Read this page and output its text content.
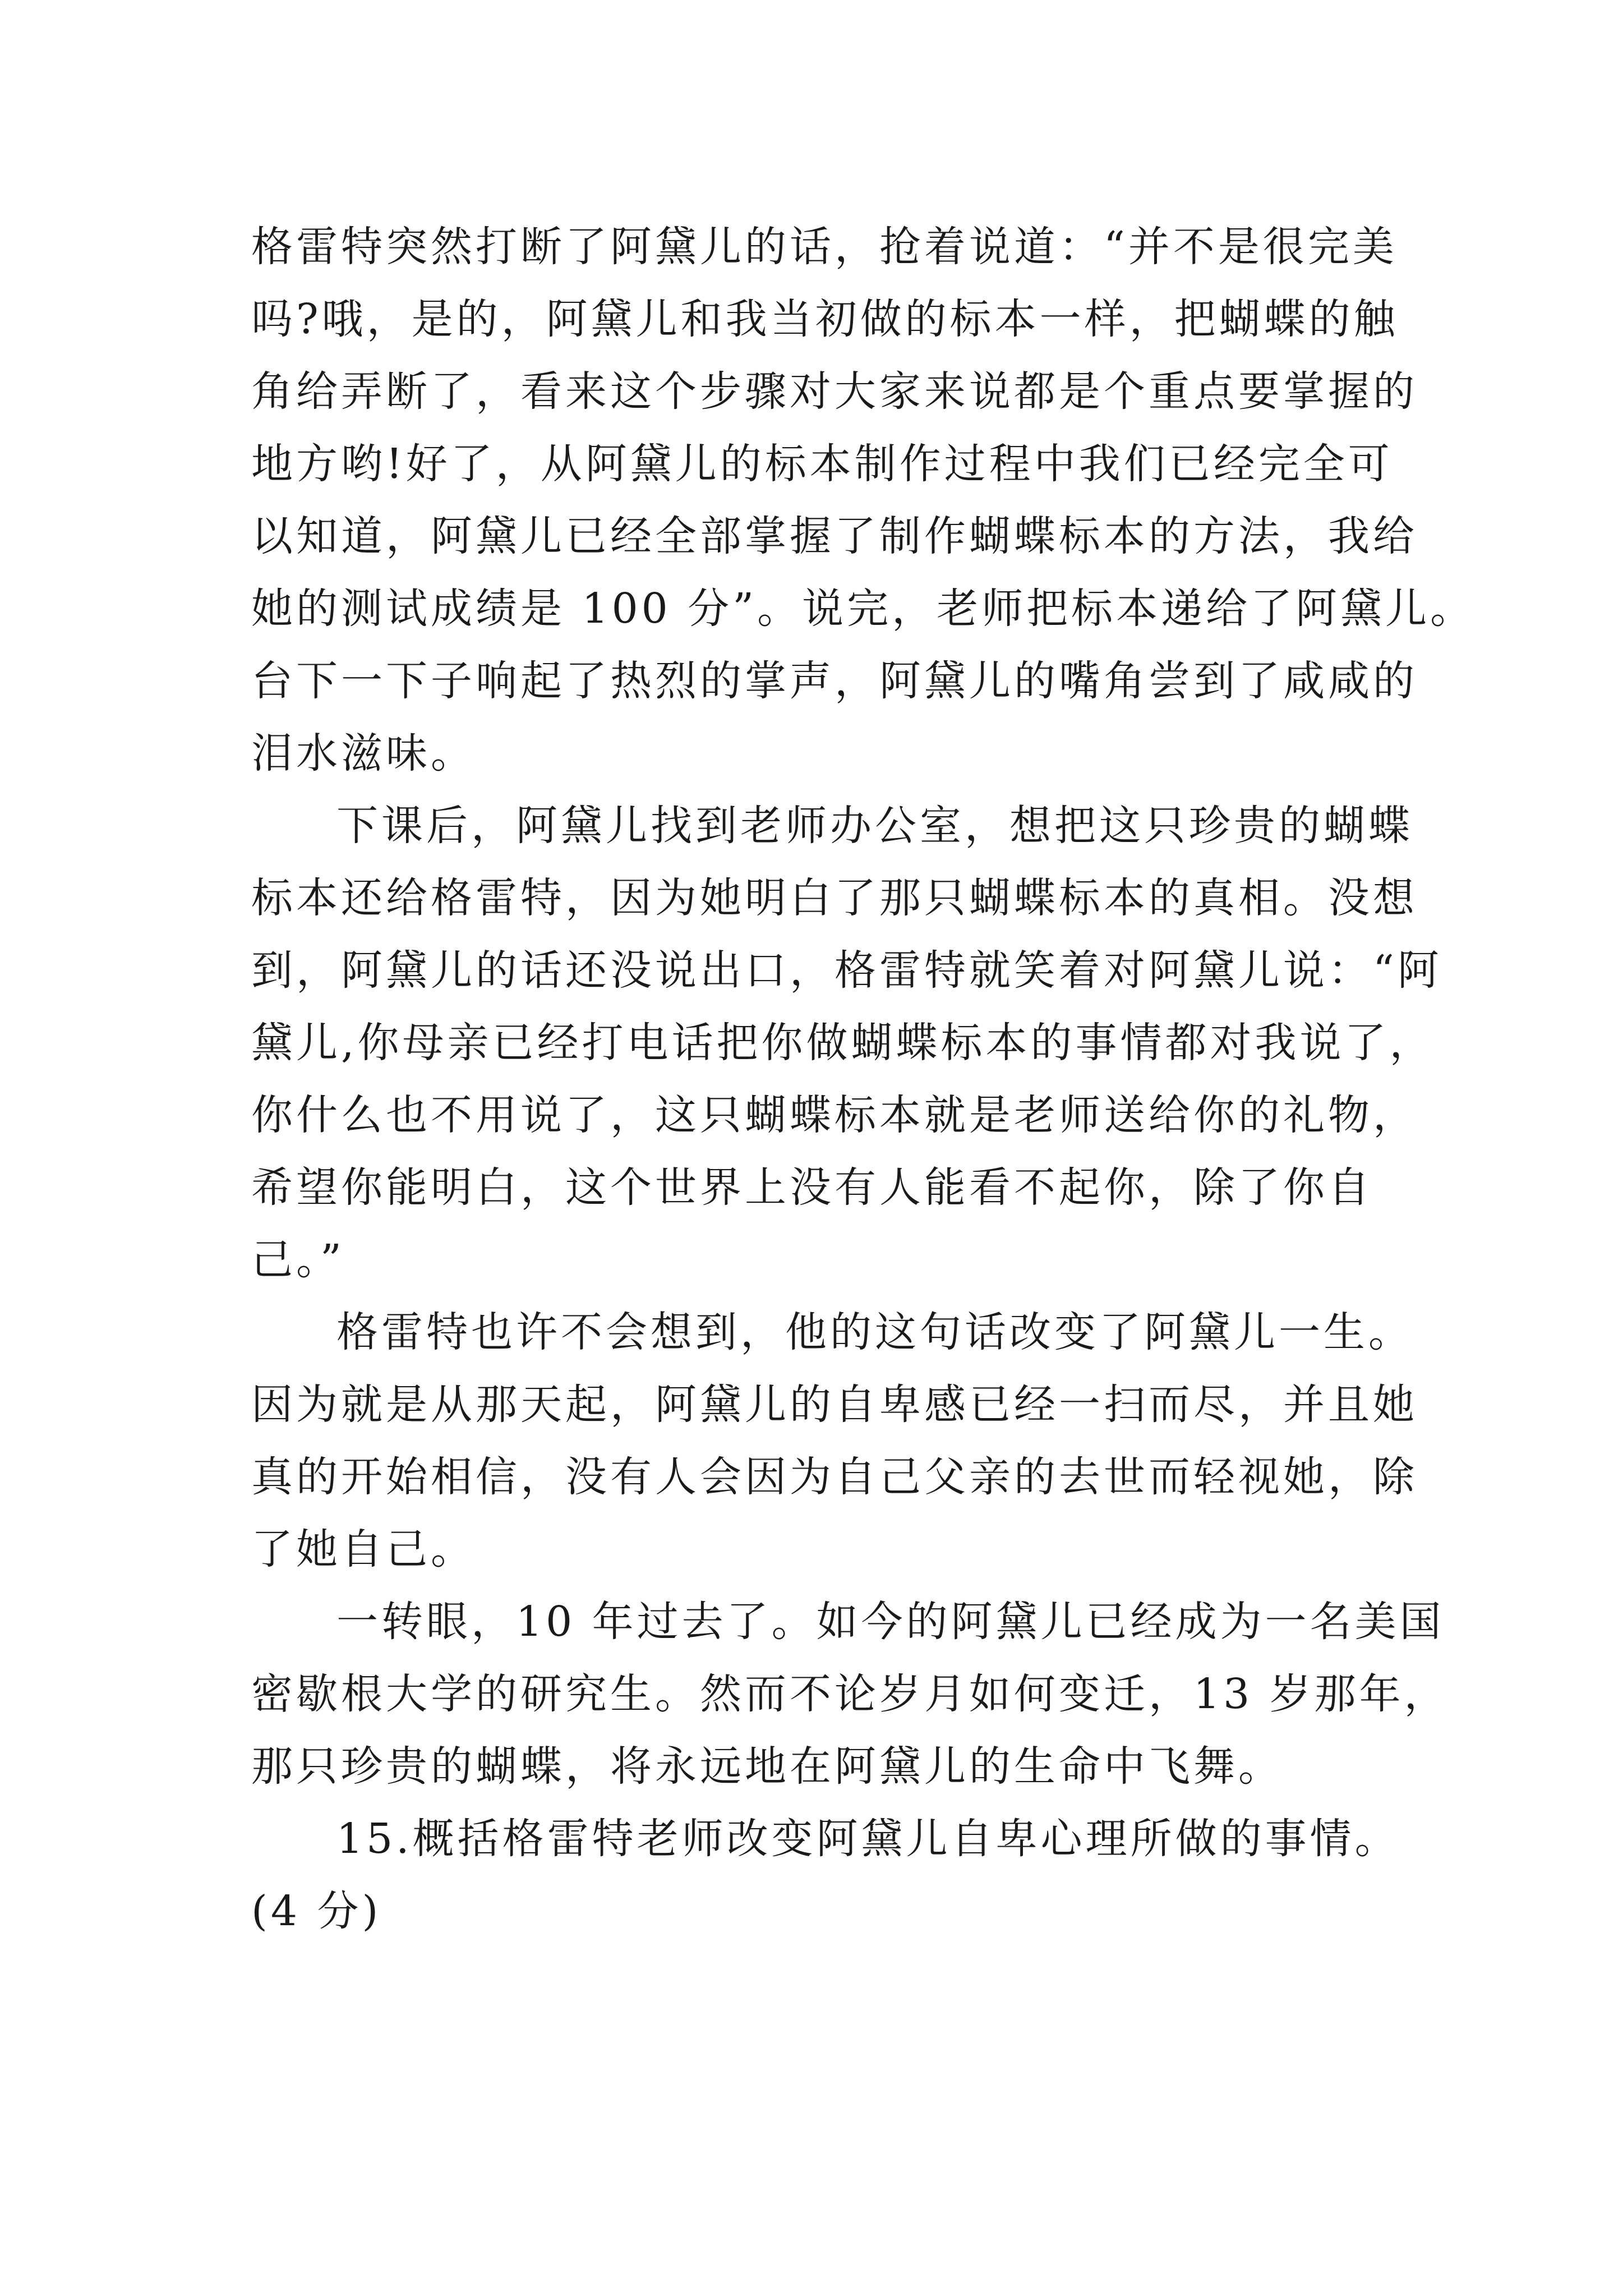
格雷特突然打断了阿黛儿的话，抢着说道：“并不是很完美

吗?哦，是的，阿黛儿和我当初做的标本一样，把蝴蝶的触

角给弄断了，看来这个步骤对大家来说都是个重点要掌握的

地方哟!好了，从阿黛儿的标本制作过程中我们已经完全可

以知道，阿黛儿已经全部掌握了制作蝴蝶标本的方法，我给

她的测试成绩是 100 分”。说完，老师把标本递给了阿黛儿。

台下一下子响起了热烈的掌声，阿黛儿的嘴角尝到了咸咸的

泪水滋味。

下课后，阿黛儿找到老师办公室，想把这只珍贵的蝴蝶

标本还给格雷特，因为她明白了那只蝴蝶标本的真相。没想

到，阿黛儿的话还没说出口，格雷特就笑着对阿黛儿说：“阿

黛儿,你母亲已经打电话把你做蝴蝶标本的事情都对我说了，

你什么也不用说了，这只蝴蝶标本就是老师送给你的礼物，

希望你能明白，这个世界上没有人能看不起你，除了你自

己。”

格雷特也许不会想到，他的这句话改变了阿黛儿一生。

因为就是从那天起，阿黛儿的自卑感已经一扫而尽，并且她

真的开始相信，没有人会因为自己父亲的去世而轻视她，除

了她自己。

一转眼，10 年过去了。如今的阿黛儿已经成为一名美国

密歇根大学的研究生。然而不论岁月如何变迁，13 岁那年，

那只珍贵的蝴蝶，将永远地在阿黛儿的生命中飞舞。

15.概括格雷特老师改变阿黛儿自卑心理所做的事情。

(4 分)
